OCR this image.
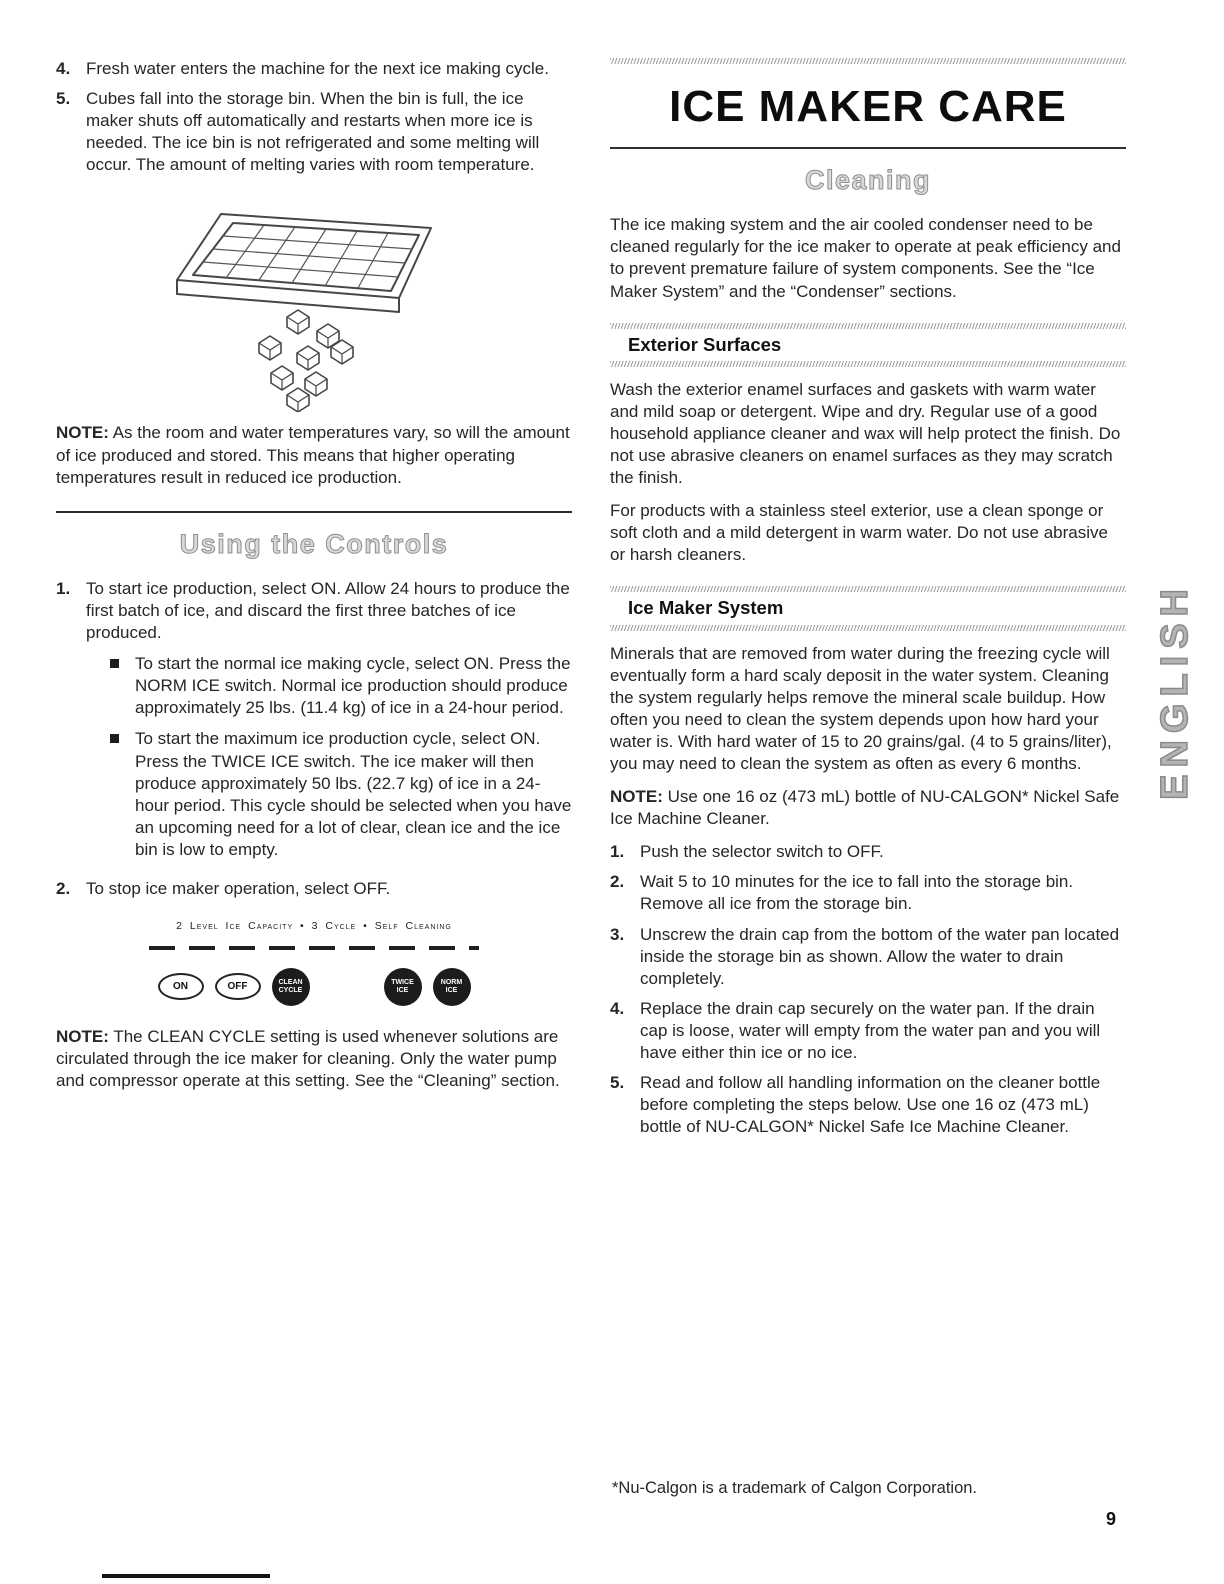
4. Fresh water enters the machine for the next ice making cycle.
5. Cubes fall into the storage bin. When the bin is full, the ice maker shuts off automatically and restarts when more ice is needed. The ice bin is not refrigerated and some melting will occur. The amount of melting varies with room temperature.

NOTE: As the room and water temperatures vary, so will the amount of ice produced and stored. This means that higher operating temperatures result in reduced ice production.

Using the Controls
1. To start ice production, select ON. Allow 24 hours to produce the first batch of ice, and discard the first three batches of ice produced.
To start the normal ice making cycle, select ON. Press the NORM ICE switch. Normal ice production should produce approximately 25 lbs. (11.4 kg) of ice in a 24-hour period.
To start the maximum ice production cycle, select ON. Press the TWICE ICE switch. The ice maker will then produce approximately 50 lbs. (22.7 kg) of ice in a 24-hour period. This cycle should be selected when you have an upcoming need for a lot of clear, clean ice and the ice bin is low to empty.
2. To stop ice maker operation, select OFF.
2 Level Ice Capacity • 3 Cycle • Self Cleaning
ON	OFF	CLEAN CYCLE
TWICE ICE
NORM ICE

NOTE: The CLEAN CYCLE setting is used whenever solutions are circulated through the ice maker for cleaning. Only the water pump and compressor operate at this setting. See the “Cleaning” section.

ICE MAKER CARE
Cleaning

The ice making system and the air cooled condenser need to be cleaned regularly for the ice maker to operate at peak efficiency and to prevent premature failure of system components. See the “Ice Maker System” and the “Condenser” sections.

Exterior Surfaces

Wash the exterior enamel surfaces and gaskets with warm water and mild soap or detergent. Wipe and dry. Regular use of a good household appliance cleaner and wax will help protect the finish. Do not use abrasive cleaners on enamel surfaces as they may scratch the finish.

For products with a stainless steel exterior, use a clean sponge or soft cloth and a mild detergent in warm water. Do not use abrasive or harsh cleaners.

Ice Maker System

Minerals that are removed from water during the freezing cycle will eventually form a hard scaly deposit in the water system. Cleaning the system regularly helps remove the mineral scale buildup. How often you need to clean the system depends upon how hard your water is. With hard water of 15 to 20 grains/gal. (4 to 5 grains/liter), you may need to clean the system as often as every 6 months.

NOTE: Use one 16 oz (473 mL) bottle of NU-CALGON* Nickel Safe Ice Machine Cleaner.

1. Push the selector switch to OFF.
2. Wait 5 to 10 minutes for the ice to fall into the storage bin. Remove all ice from the storage bin.
3. Unscrew the drain cap from the bottom of the water pan located inside the storage bin as shown. Allow the water to drain completely.
4. Replace the drain cap securely on the water pan. If the drain cap is loose, water will empty from the water pan and you will have either thin ice or no ice.
5. Read and follow all handling information on the cleaner bottle before completing the steps below. Use one 16 oz (473 mL) bottle of NU-CALGON* Nickel Safe Ice Machine Cleaner.
ENGLISH
*Nu-Calgon is a trademark of Calgon Corporation.
9
